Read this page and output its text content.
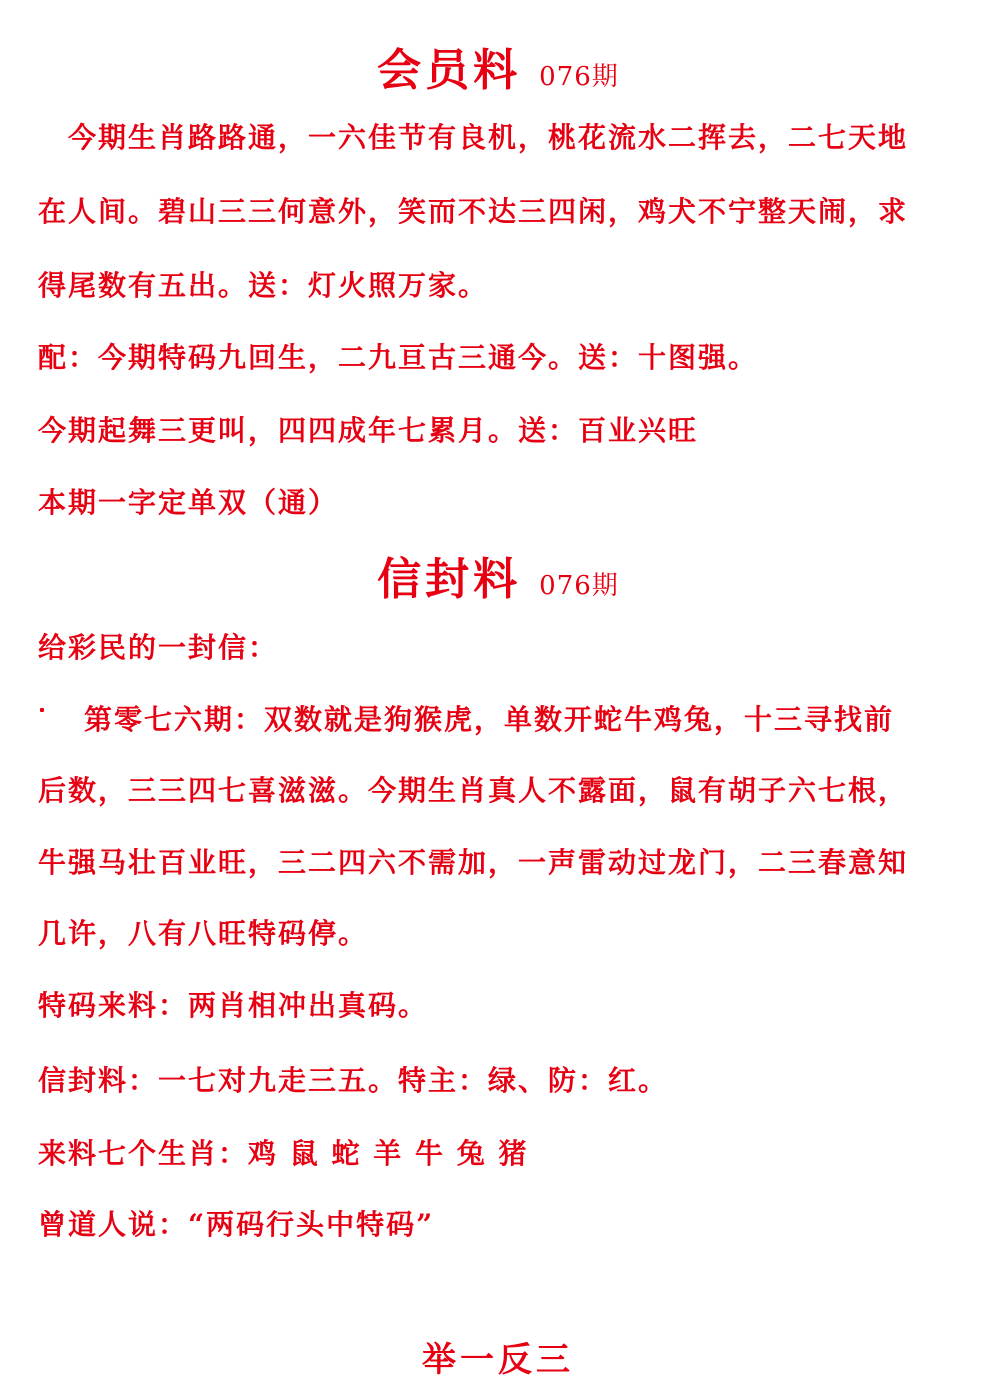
会员料 076期
今期生肖路路通，一六佳节有良机，桃花流水二挥去，二七天地
在人间。碧山三三何意外，笑而不达三四闲，鸡犬不宁整天闹，求
得尾数有五出。送：灯火照万家。
配：今期特码九回生，二九亘古三通今。送：十图强。
今期起舞三更叫，四四成年七累月。送：百业兴旺
本期一字定单双（通）
信封料 076期
给彩民的一封信：
第零七六期：双数就是狗猴虎，单数开蛇牛鸡兔，十三寻找前
后数，三三四七喜滋滋。今期生肖真人不露面，鼠有胡子六七根，
牛强马壮百业旺，三二四六不需加，一声雷动过龙门，二三春意知
几许，八有八旺特码停。
特码来料：两肖相冲出真码。
信封料：一七对九走三五。特主：绿、防：红。
来料七个生肖：鸡 鼠 蛇 羊 牛 兔 猪
曾道人说：“两码行头中特码”
举一反三
